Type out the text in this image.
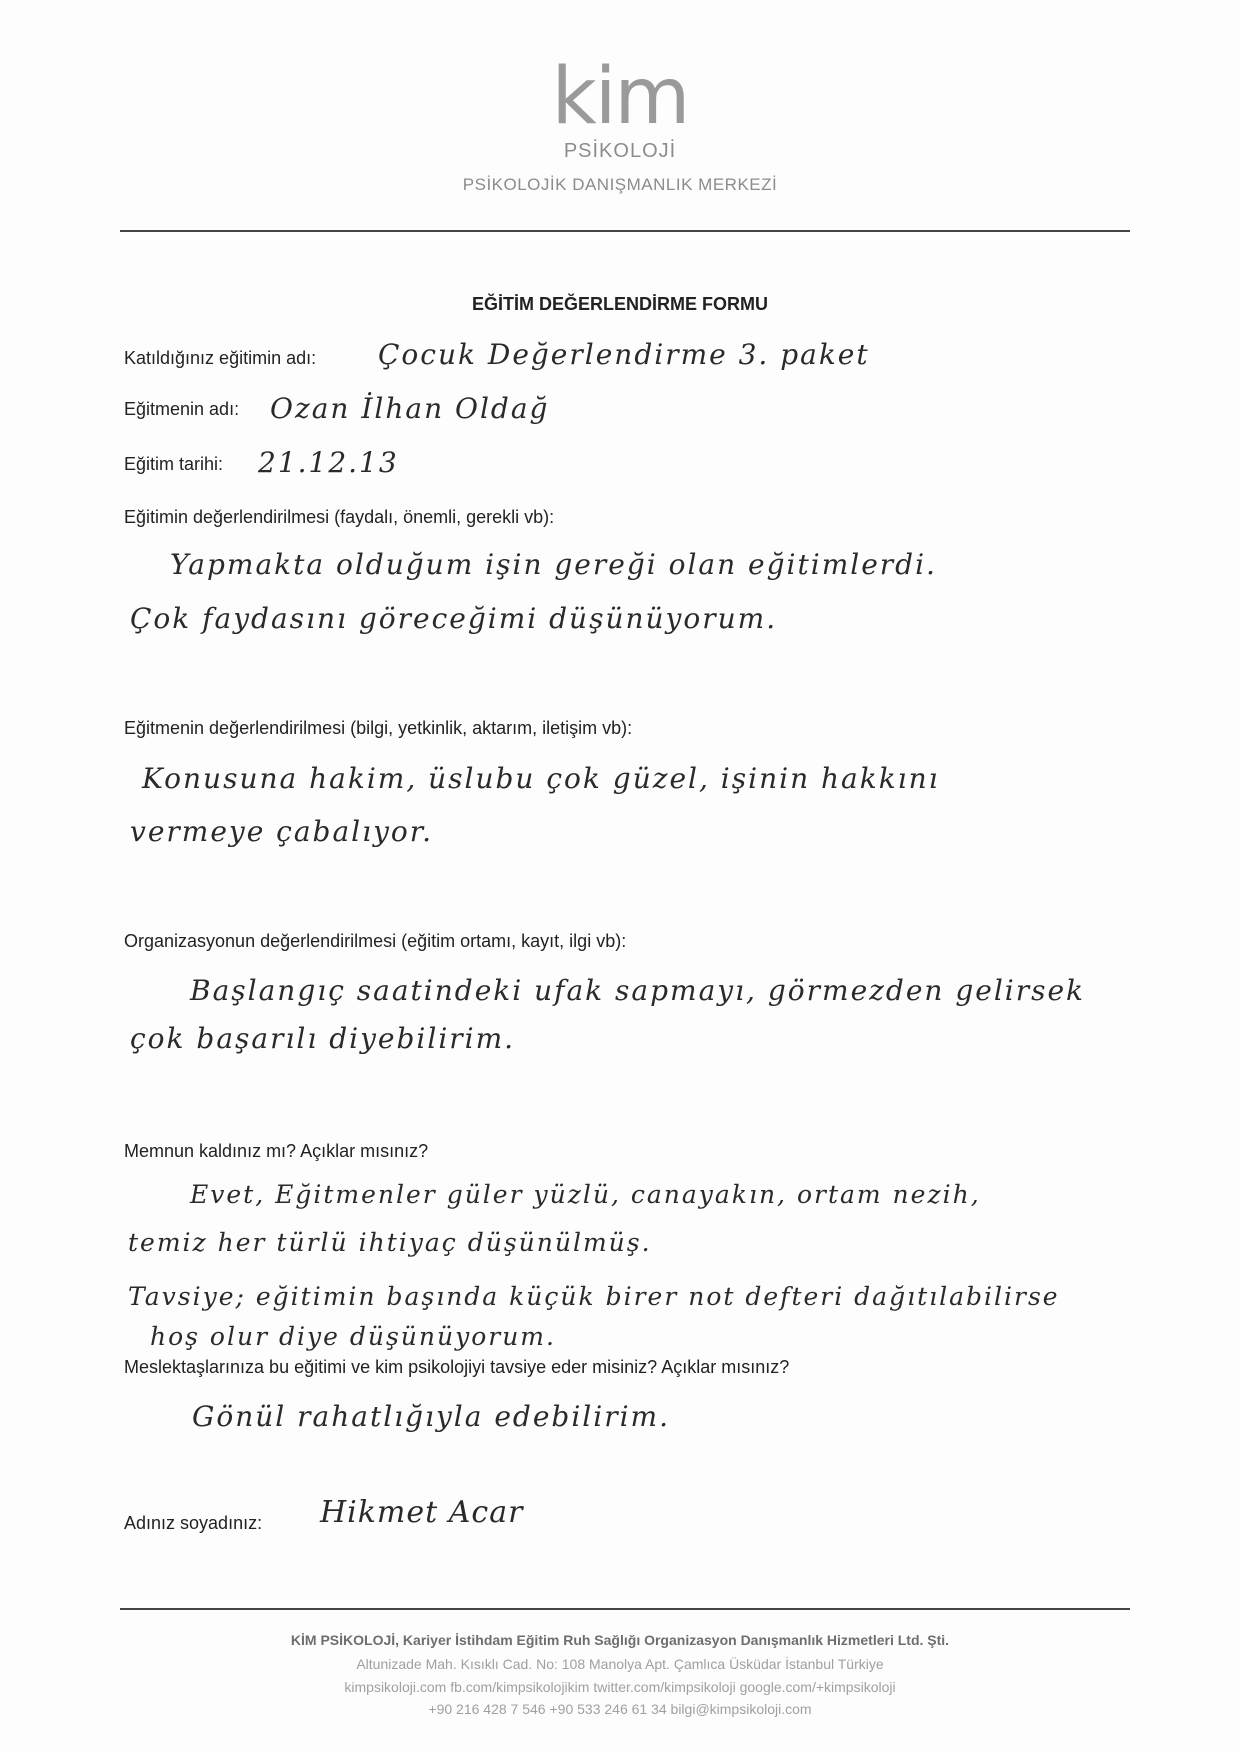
kim
PSİKOLOJİ
PSİKOLOJİK DANIŞMANLIK MERKEZİ
EĞİTİM DEĞERLENDİRME FORMU
Katıldığınız eğitimin adı: Çocuk Değerlendirme 3. paket
Eğitmenin adı: Ozan İlhan Oldağ
Eğitim tarihi: 21.12.13
Eğitimin değerlendirilmesi (faydalı, önemli, gerekli vb):
Yapmakta olduğum işin gereği olan eğitimlerdi.
Çok faydasını göreceğimi düşünüyorum.
Eğitmenin değerlendirilmesi (bilgi, yetkinlik, aktarım, iletişim vb):
Konusuna hakim, üslubu çok güzel, işinin hakkını
vermeye çabalıyor.
Organizasyonun değerlendirilmesi (eğitim ortamı, kayıt, ilgi vb):
Başlangıç saatindeki ufak sapmayı, görmezden gelirsek
çok başarılı diyebilirim.
Memnun kaldınız mı? Açıklar mısınız?
Evet, Eğitmenler güler yüzlü, canayakın, ortam nezih,
temiz her türlü ihtiyaç düşünülmüş.
Tavsiye; eğitimin başında küçük birer not defteri dağıtılabilirse
hoş olur diye düşünüyorum.
Meslektaşlarınıza bu eğitimi ve kim psikolojiyi tavsiye eder misiniz? Açıklar mısınız?
Gönül rahatlığıyla edebilirim.
Adınız soyadınız: Hikmet Acar
KİM PSİKOLOJİ, Kariyer İstihdam Eğitim Ruh Sağlığı Organizasyon Danışmanlık Hizmetleri Ltd. Şti.
Altunizade Mah. Kısıklı Cad. No: 108 Manolya Apt. Çamlıca Üsküdar İstanbul Türkiye
kimpsikoloji.com fb.com/kimpsikolojikim twitter.com/kimpsikoloji google.com/+kimpsikoloji
+90 216 428 7 546 +90 533 246 61 34 bilgi@kimpsikoloji.com
